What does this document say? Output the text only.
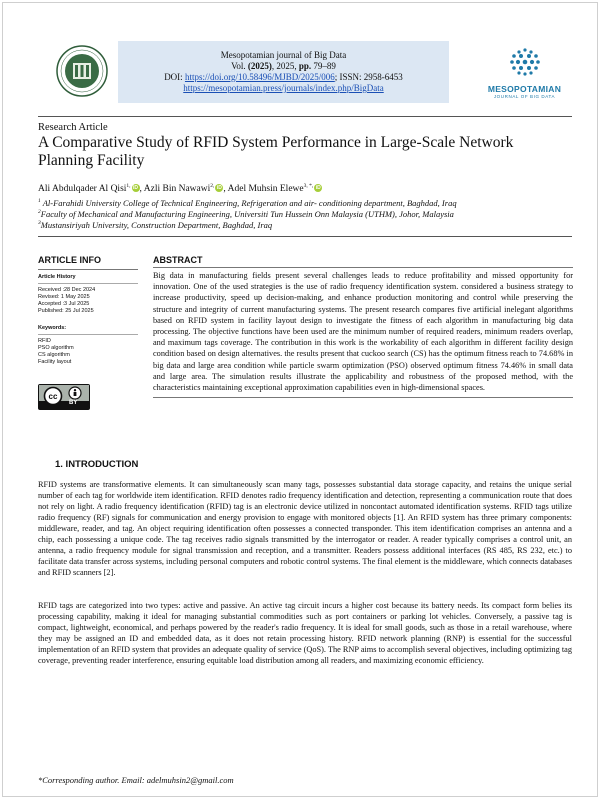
Mesopotamian journal of Big Data
Vol. (2025), 2025, pp. 79–89
DOI: https://doi.org/10.58496/MJBD/2025/006; ISSN: 2958-6453
https://mesopotamian.press/journals/index.php/BigData	MESOPOTAMIAN
JOURNAL OF BIG DATA
Research Article
A Comparative Study of RFID System Performance in Large-Scale Network
Planning Facility
Ali Abdulqader Al Qisi$^{1,}$ iD , Azli Bin Nawawi$^{2,}$ iD , Adel Muhsin Elewe$^{3, *,}$ iD
$^1$ Al-Farahidi University College of Technical Engineering, Refrigeration and air- conditioning department, Baghdad, Iraq
$^2$Faculty of Mechanical and Manufacturing Engineering, Universiti Tun Hussein Onn Malaysia (UTHM), Johor, Malaysia
$^3$Mustansiriyah University, Construction Department, Baghdad, Iraq
ARTICLE INFO
Article History
Received :28 Dec 2024
Revised: 1 May 2025
Accepted :3 Jul 2025
Published: 25 Jul 2025
Keywords:
RFID
PSO algorithm
CS algorithm
Facility layout
cc
BY
ABSTRACT
Big data in manufacturing fields present several challenges leads to reduce profitability and missed opportunity for innovation. One of the used strategies is the use of radio frequency identification system. considered a business strategy to increase productivity, speed up decision-making, and enhance production monitoring and control while preserving the structure and integrity of current manufacturing systems. The present research compares five artificial inelegant algorithms based on RFID system in facility layout design to investigate the fitness of each algorithm in manufacturing big data processing. The objective functions have been used are the minimum number of required readers, minimum readers overlap, and maximum tags coverage. The contribution in this work is the workability of each algorithm in different facility design condition based on design alternatives. the results present that cuckoo search (CS) has the optimum fitness reach to 74.68% in big data and large area condition while particle swarm optimization (PSO) observed optimum fitness 74.46% in small data and large area. The simulation results illustrate the applicability and robustness of the proposed method, with the characteristics maintaining exceptional approximation capabilities even in high-dimensional spaces.
1. INTRODUCTION
RFID systems are transformative elements. It can simultaneously scan many tags, possesses substantial data storage capacity, and retains the unique serial number of each tag for worldwide item identification. RFID denotes radio frequency identification and detection, representing a communication route that does not rely on light. A radio frequency identification (RFID) tag is an electronic device utilized in noncontact automated identification systems. RFID tags utilize radio frequency (RF) signals for communication and energy provision to engage with monitored objects [1]. An RFID system has three primary components: middleware, reader, and tag. An object requiring identification often possesses a connected transponder. This item identification comprises an antenna and a chip, each possessing a unique code. The tag receives radio signals transmitted by the interrogator or reader. A reader typically comprises a control unit, an antenna, a radio frequency module for signal transmission and reception, and a transmitter. Readers possess additional interfaces (RS 485, RS 232, etc.) to facilitate data transfer across systems, including personal computers and robotic control systems. The final element is the middleware, which connects databases and RFID scanners [2].
RFID tags are categorized into two types: active and passive. An active tag circuit incurs a higher cost because its battery needs. Its compact form belies its processing capability, making it ideal for managing substantial commodities such as port containers or parking lot vehicles. Conversely, a passive tag is compact, lightweight, economical, and perhaps powered by the reader's radio frequency. It is ideal for small goods, such as those in a retail warehouse, where they may be assigned an ID and embedded data, as it does not retain processing history. RFID network planning (RNP) is essential for the successful implementation of an RFID system that provides an adequate quality of service (QoS). The RNP aims to accomplish several objectives, including optimizing tag coverage, preventing reader interference, ensuring equitable load distribution among all readers, and maximizing economic efficiency.
*Corresponding author. Email: adelmuhsin2@gmail.com
